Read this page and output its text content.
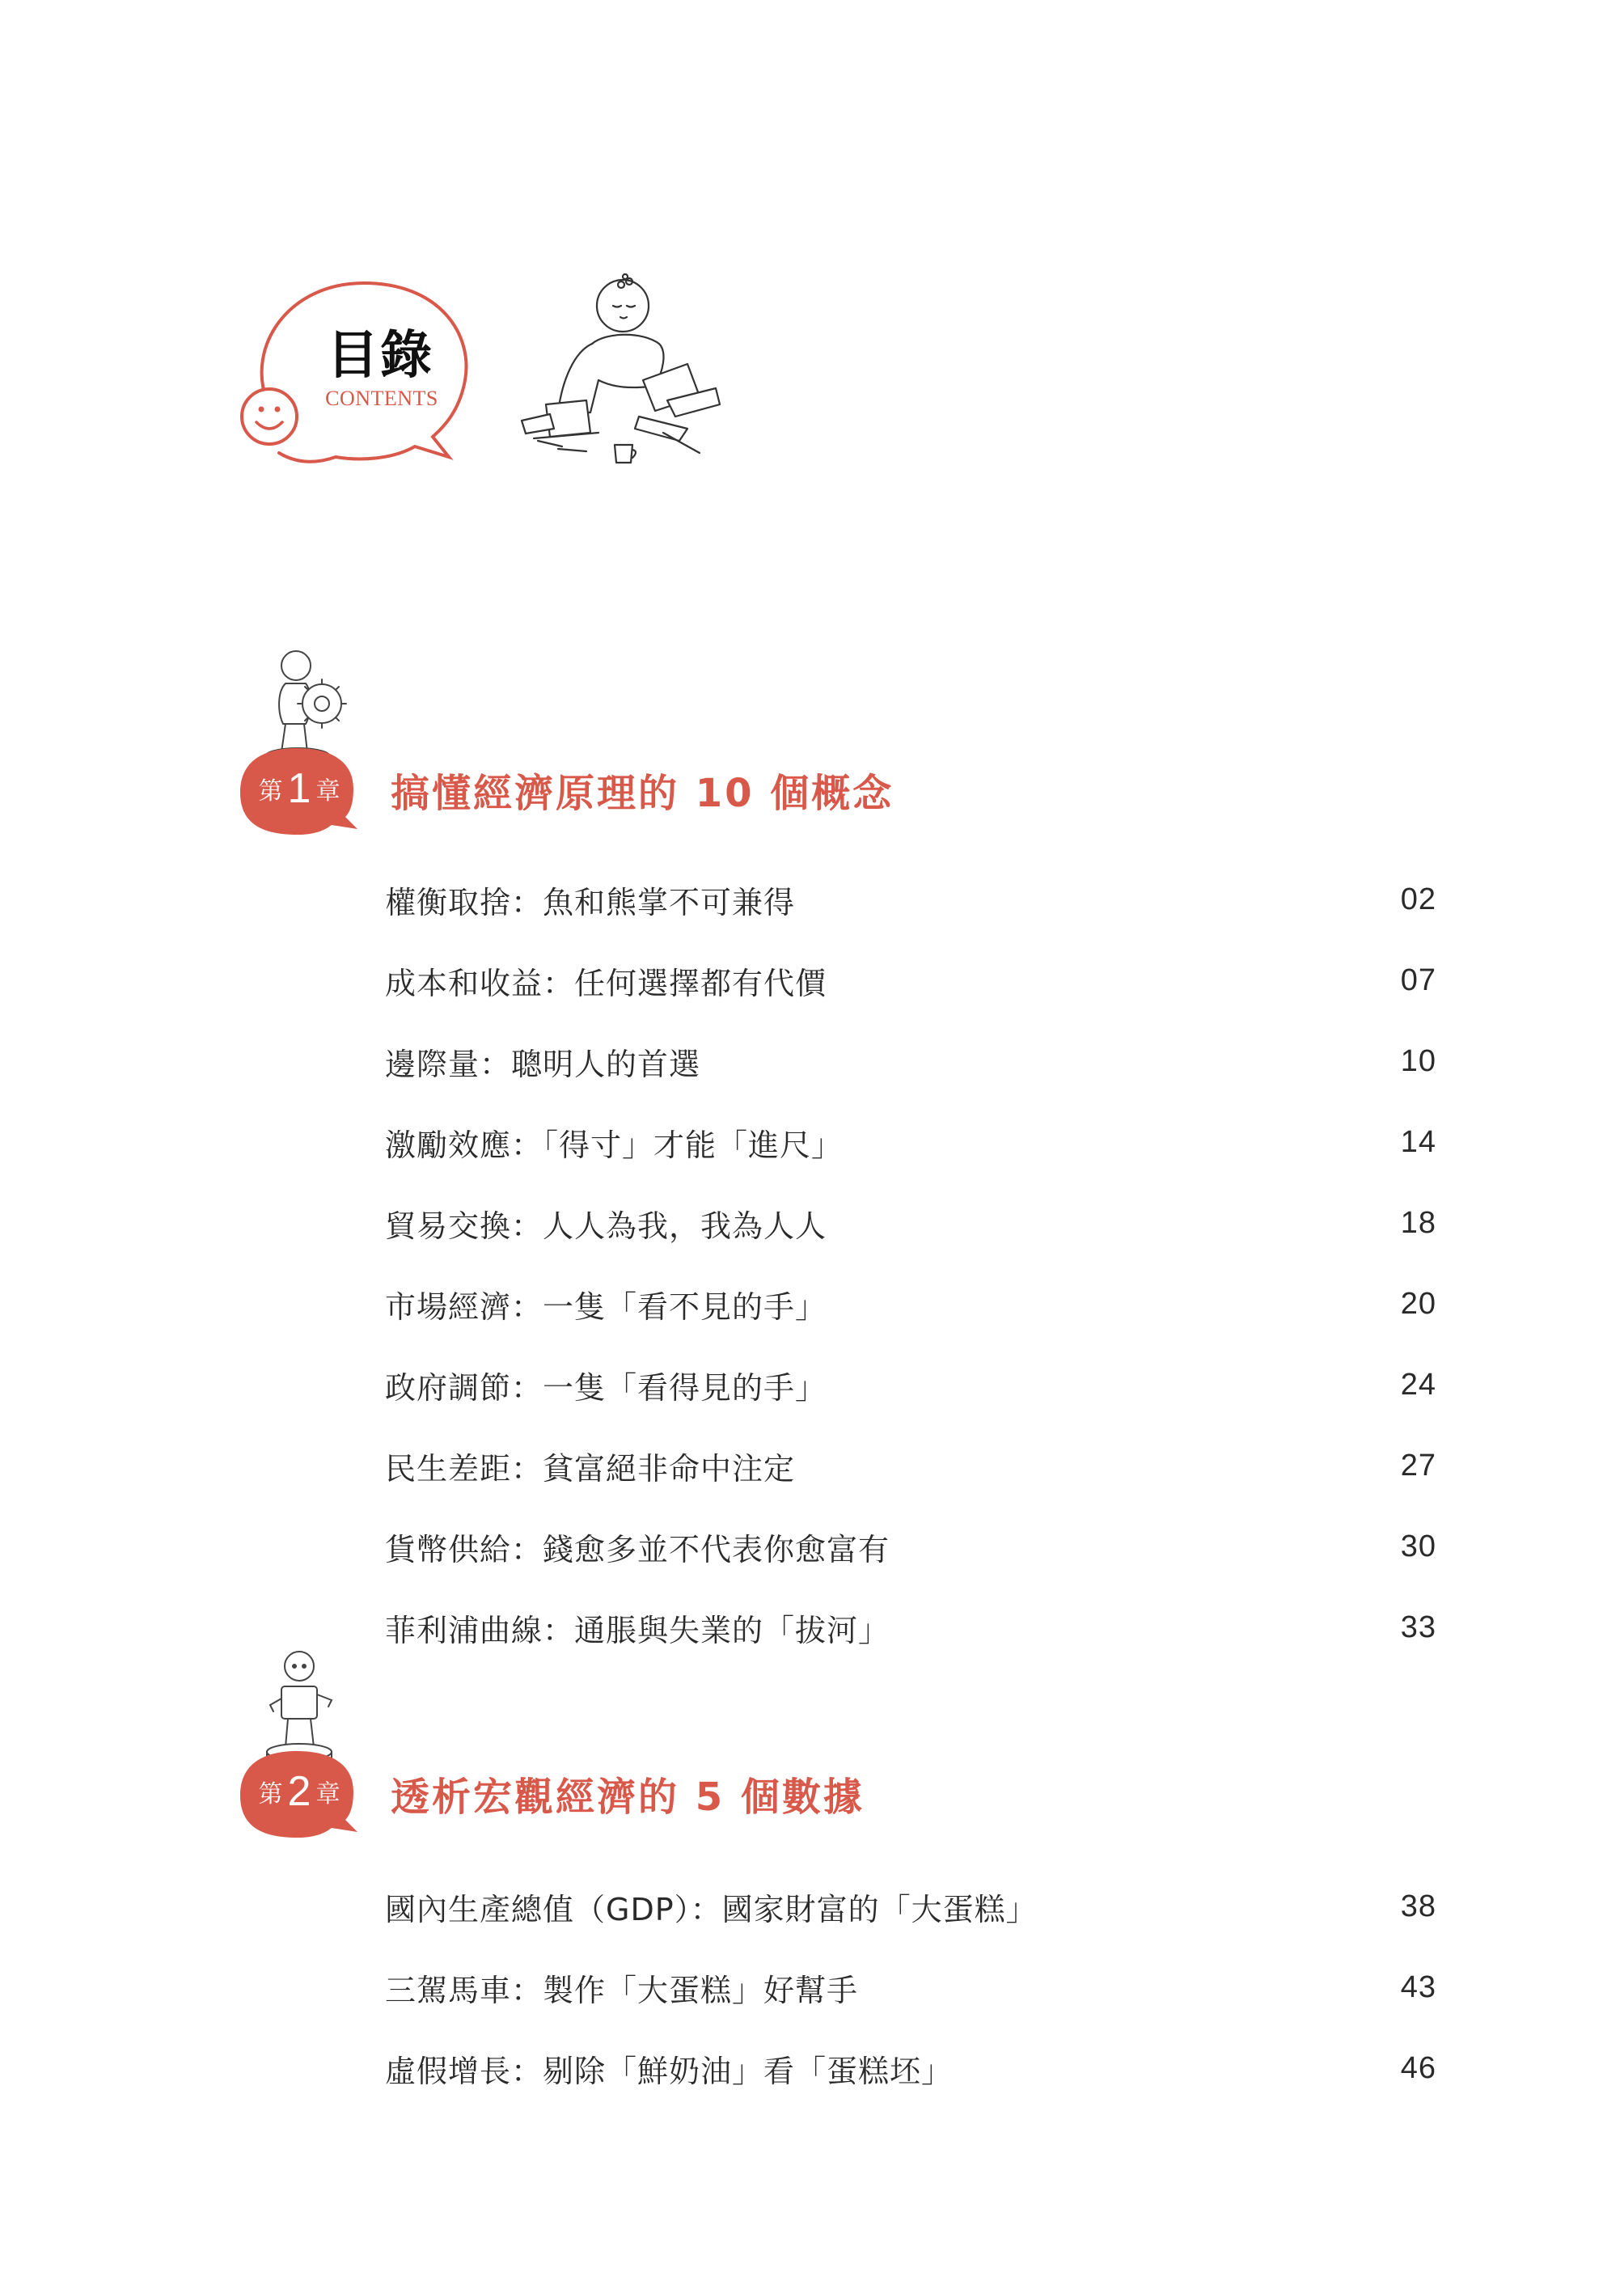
目錄
CONTENTS
第 1 章 搞懂經濟原理的 10 個概念
權衡取捨：魚和熊掌不可兼得	02
成本和收益：任何選擇都有代價	07
邊際量：聰明人的首選	10
激勵效應：「得寸」才能「進尺」	14
貿易交換：人人為我，我為人人	18
市場經濟：一隻「看不見的手」	20
政府調節：一隻「看得見的手」	24
民生差距：貧富絕非命中注定	27
貨幣供給：錢愈多並不代表你愈富有	30
菲利浦曲線：通脹與失業的「拔河」	33
第 2 章 透析宏觀經濟的 5 個數據
國內生產總值（GDP）：國家財富的「大蛋糕」	38
三駕馬車：製作「大蛋糕」好幫手	43
虛假增長：剔除「鮮奶油」看「蛋糕坯」	46
